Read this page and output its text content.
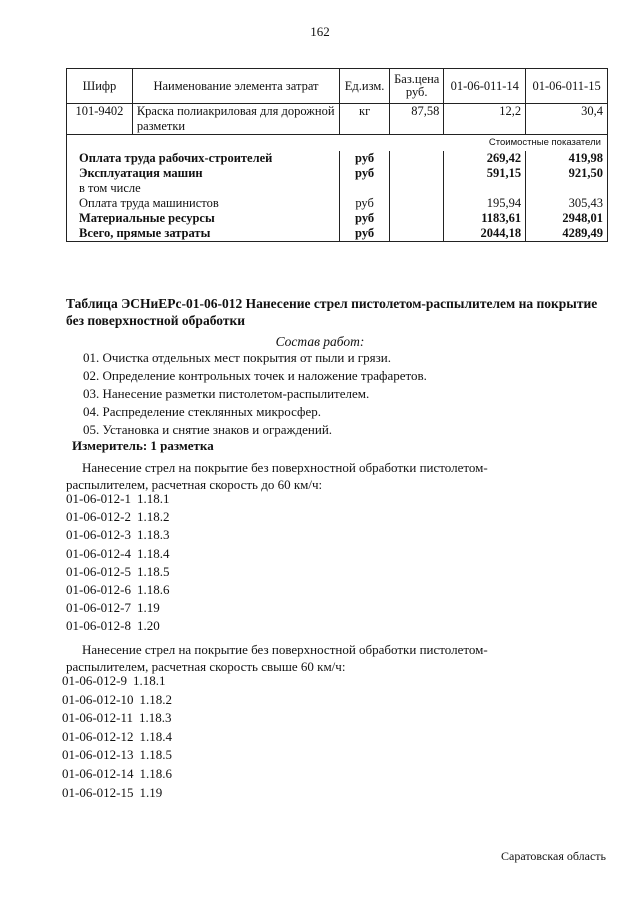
162
Шифр	Наименование элемента затрат	Ед.изм.	Баз.цена руб.	01-06-011-14	01-06-011-15
101-9402	Краска полиакриловая для дорожной разметки	кг	87,58	12,2	30,4
Стоимостные показатели					
Оплата труда рабочих-строителей		руб		269,42	419,98
Эксплуатация машин		руб		591,15	921,50
в том числе					
Оплата труда машинистов		руб		195,94	305,43
Материальные ресурсы		руб		1183,61	2948,01
Всего, прямые затраты		руб		2044,18	4289,49
Таблица ЭСНиЕРс-01-06-012 Нанесение стрел пистолетом-распылителем на покрытие без поверхностной обработки
Состав работ:
01. Очистка отдельных мест покрытия от пыли и грязи.
02. Определение контрольных точек и наложение трафаретов.
03. Нанесение разметки пистолетом-распылителем.
04. Распределение стеклянных микросфер.
05. Установка и снятие знаков и ограждений.
Измеритель: 1 разметка
Нанесение стрел на покрытие без поверхностной обработки пистолетом-распылителем, расчетная скорость до 60 км/ч:
01-06-012-1 1.18.1
01-06-012-2 1.18.2
01-06-012-3 1.18.3
01-06-012-4 1.18.4
01-06-012-5 1.18.5
01-06-012-6 1.18.6
01-06-012-7 1.19
01-06-012-8 1.20
Нанесение стрел на покрытие без поверхностной обработки пистолетом-распылителем, расчетная скорость свыше 60 км/ч:
01-06-012-9 1.18.1
01-06-012-10 1.18.2
01-06-012-11 1.18.3
01-06-012-12 1.18.4
01-06-012-13 1.18.5
01-06-012-14 1.18.6
01-06-012-15 1.19
Саратовская область
